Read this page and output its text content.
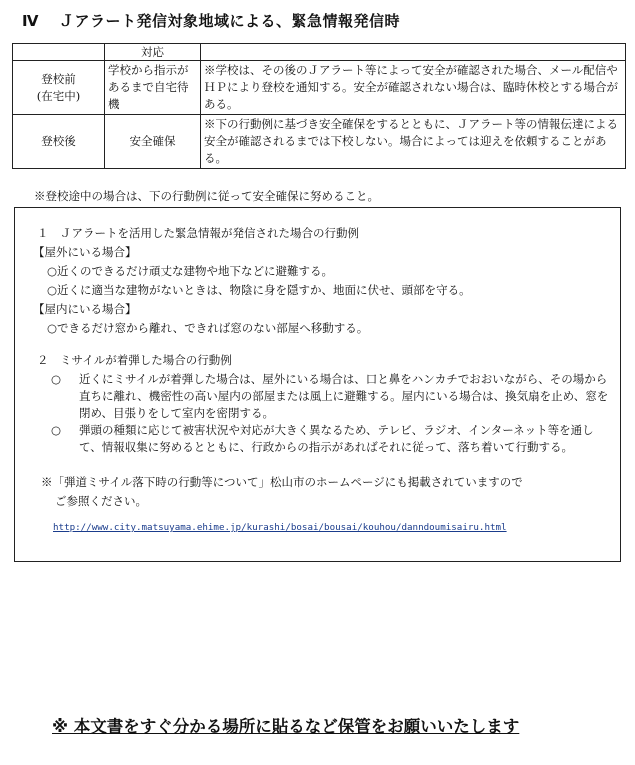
Ⅳ Ｊアラート発信対象地域による、緊急情報発信時
	対応	

登校前
(在宅中)	学校から指示があるまで自宅待機	※学校は、その後のＪアラート等によって安全が確認された場合、メール配信やＨＰにより登校を通知する。安全が確認されない場合は、臨時休校とする場合がある。
登校後	安全確保	※下の行動例に基づき安全確保をするとともに、Ｊアラート等の情報伝達による安全が確認されるまでは下校しない。場合によっては迎えを依頼することがある。
※登校途中の場合は、下の行動例に従って安全確保に努めること。

１　Ｊアラートを活用した緊急情報が発信された場合の行動例

【屋外にいる場合】

○近くのできるだけ頑丈な建物や地下などに避難する。

○近くに適当な建物がないときは、物陰に身を隠すか、地面に伏せ、頭部を守る。

【屋内にいる場合】

○できるだけ窓から離れ、できれば窓のない部屋へ移動する。

２　ミサイルが着弾した場合の行動例

○ 近くにミサイルが着弾した場合は、屋外にいる場合は、口と鼻をハンカチでおおいながら、その場から直ちに離れ、機密性の高い屋内の部屋または風上に避難する。屋内にいる場合は、換気扇を止め、窓を閉め、目張りをして室内を密閉する。

○ 弾頭の種類に応じて被害状況や対応が大きく異なるため、テレビ、ラジオ、インターネット等を通して、情報収集に努めるとともに、行政からの指示があればそれに従って、落ち着いて行動する。

※「弾道ミサイル落下時の行動等について」松山市のホームページにも掲載されていますので

ご参照ください。

http://www.city.matsuyama.ehime.jp/kurashi/bosai/bousai/kouhou/danndoumisairu.html
※ 本文書をすぐ分かる場所に貼るなど保管をお願いいたします
